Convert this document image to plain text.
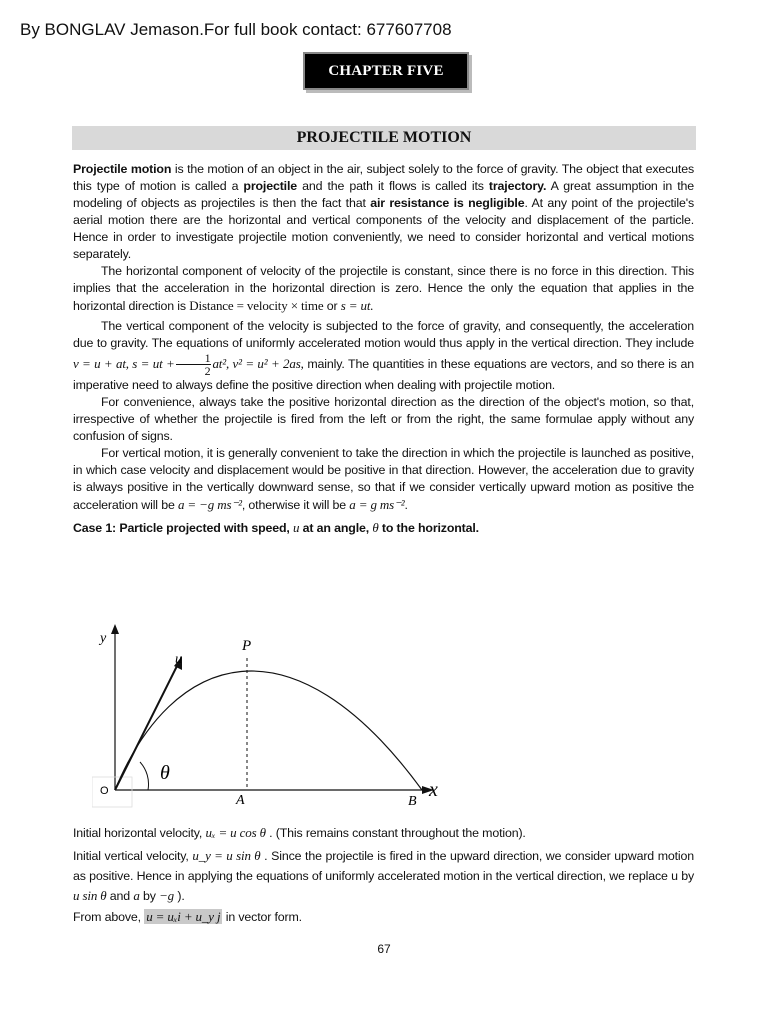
By BONGLAV Jemason.For full book contact: 677607708
CHAPTER FIVE
PROJECTILE MOTION

Projectile motion is the motion of an object in the air, subject solely to the force of gravity. The object that executes this type of motion is called a projectile and the path it flows is called its trajectory. A great assumption in the modeling of objects as projectiles is then the fact that air resistance is negligible. At any point of the projectile's aerial motion there are the horizontal and vertical components of the velocity and displacement of the particle. Hence in order to investigate projectile motion conveniently, we need to consider horizontal and vertical motions separately.

The horizontal component of velocity of the projectile is constant, since there is no force in this direction. This implies that the acceleration in the horizontal direction is zero. Hence the only the equation that applies in the horizontal direction is Distance = velocity × time or s = ut.

The vertical component of the velocity is subjected to the force of gravity, and consequently, the acceleration due to gravity. The equations of uniformly accelerated motion would thus apply in the vertical direction. They include v = u + at, s = ut + $\frac{1}{2} at^2$, v² = u² + 2as, mainly. The quantities in these equations are vectors, and so there is an imperative need to always define the positive direction when dealing with projectile motion.

For convenience, always take the positive horizontal direction as the direction of the object's motion, so that, irrespective of whether the projectile is fired from the left or from the right, the same formulae apply without any confusion of signs.

For vertical motion, it is generally convenient to take the direction in which the projectile is launched as positive, in which case velocity and displacement would be positive in that direction. However, the acceleration due to gravity is always positive in the vertically downward sense, so that if we consider vertically upward motion as positive the acceleration will be a = −g ms⁻², otherwise it will be a = g ms⁻².

Case 1: Particle projected with speed, u at an angle, θ to the horizontal.

y
u
P
θ
O
A	B
x

Initial horizontal velocity, uₓ = u cos θ . (This remains constant throughout the motion).

Initial vertical velocity, u_y = u sin θ . Since the projectile is fired in the upward direction, we consider upward motion as positive. Hence in applying the equations of uniformly accelerated motion in the vertical direction, we replace u by u sin θ and a by −g ).

From above, u = uₓi + u_y j in vector form.

67
